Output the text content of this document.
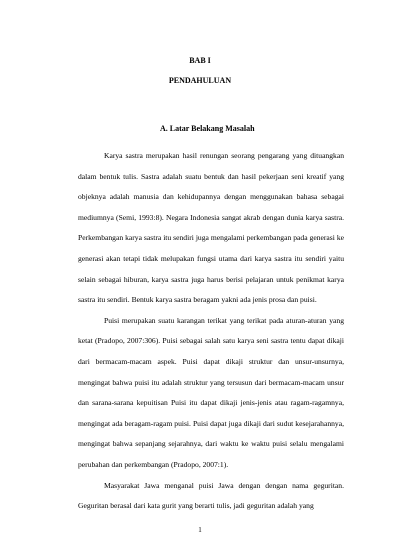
BAB I
PENDAHULUAN
A. Latar Belakang Masalah

Karya sastra merupakan hasil renungan seorang pengarang yang dituangkan dalam bentuk tulis. Sastra adalah suatu bentuk dan hasil pekerjaan seni kreatif yang objeknya adalah manusia dan kehidupannya dengan menggunakan bahasa sebagai mediumnya (Semi, 1993:8). Negara Indonesia sangat akrab dengan dunia karya sastra. Perkembangan karya sastra itu sendiri juga mengalami perkembangan pada generasi ke generasi akan tetapi tidak melupakan fungsi utama dari karya sastra itu sendiri yaitu selain sebagai hiburan, karya sastra juga harus berisi pelajaran untuk penikmat karya sastra itu sendiri. Bentuk karya sastra beragam yakni ada jenis prosa dan puisi.

Puisi merupakan suatu karangan terikat yang terikat pada aturan-aturan yang ketat (Pradopo, 2007:306). Puisi sebagai salah satu karya seni sastra tentu dapat dikaji dari bermacam-macam aspek. Puisi dapat dikaji struktur dan unsur-unsurnya, mengingat bahwa puisi itu adalah struktur yang tersusun dari bermacam-macam unsur dan sarana-sarana kepuitisan Puisi itu dapat dikaji jenis-jenis atau ragam-ragamnya, mengingat ada beragam-ragam puisi. Puisi dapat juga dikaji dari sudut kesejarahannya, mengingat bahwa sepanjang sejarahnya, dari waktu ke waktu puisi selalu mengalami perubahan dan perkembangan (Pradopo, 2007:1).

Masyarakat Jawa menganal puisi Jawa dengan dengan nama geguritan. Geguritan berasal dari kata gurit yang berarti tulis, jadi geguritan adalah yang

1
